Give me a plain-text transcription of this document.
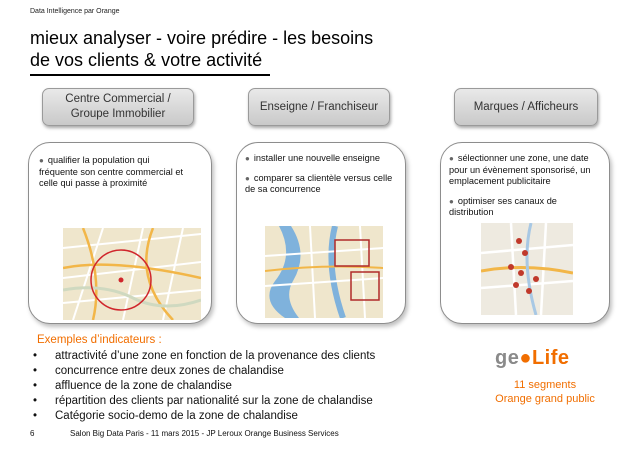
Data Intelligence par Orange
mieux analyser - voire prédire - les besoins
de vos clients & votre activité
Centre Commercial /
Groupe Immobilier
Enseigne / Franchiseur	Marques / Afficheurs
● qualifier la population qui fréquente son centre commercial et celle qui passe à proximité
● installer une nouvelle enseigne
● comparer sa clientèle versus celle de sa concurrence
● sélectionner une zone, une date pour un évènement sponsorisé, un emplacement publicitaire
● optimiser ses canaux de distribution
Exemples d’indicateurs :
• attractivité d’une zone en fonction de la provenance des clients
• concurrence entre deux zones de chalandise
• affluence de la zone de chalandise
• répartition des clients par nationalité sur la zone de chalandise
• Catégorie socio-demo de la zone de chalandise
ge●Life
11 segments
Orange grand public
6	Salon Big Data Paris - 11 mars 2015 - JP Leroux Orange Business Services
